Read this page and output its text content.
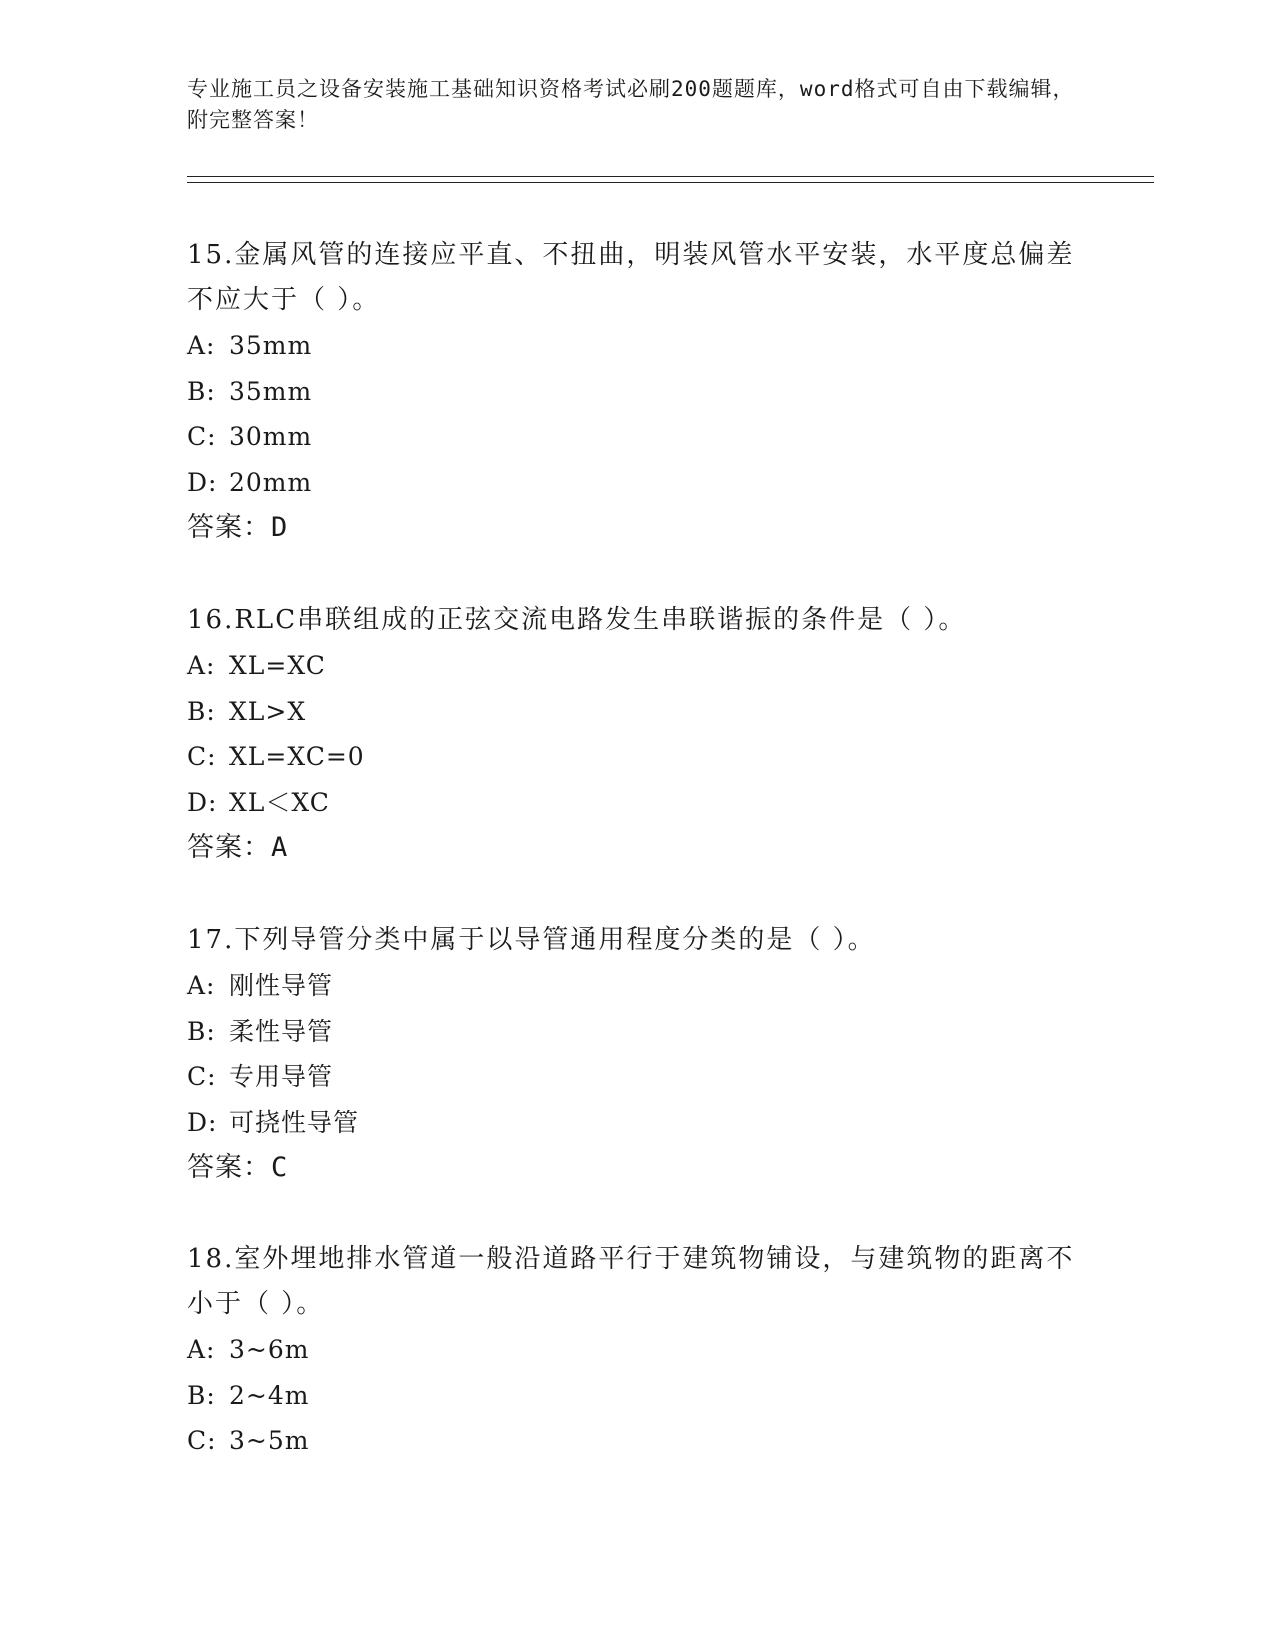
专业施工员之设备安装施工基础知识资格考试必刷200题题库，word格式可自由下载编辑，附完整答案！
15.金属风管的连接应平直、不扭曲，明装风管水平安装，水平度总偏差不应大于（ ）。
A: 35mm
B: 35mm
C: 30mm
D: 20mm
答案：D
16.RLC串联组成的正弦交流电路发生串联谐振的条件是（ ）。
A: XL=XC
B: XL>X
C: XL=XC=0
D: XL＜XC
答案：A
17.下列导管分类中属于以导管通用程度分类的是（ ）。
A: 刚性导管
B: 柔性导管
C: 专用导管
D: 可挠性导管
答案：C
18.室外埋地排水管道一般沿道路平行于建筑物铺设，与建筑物的距离不小于（ ）。
A: 3~6m
B: 2~4m
C: 3~5m
